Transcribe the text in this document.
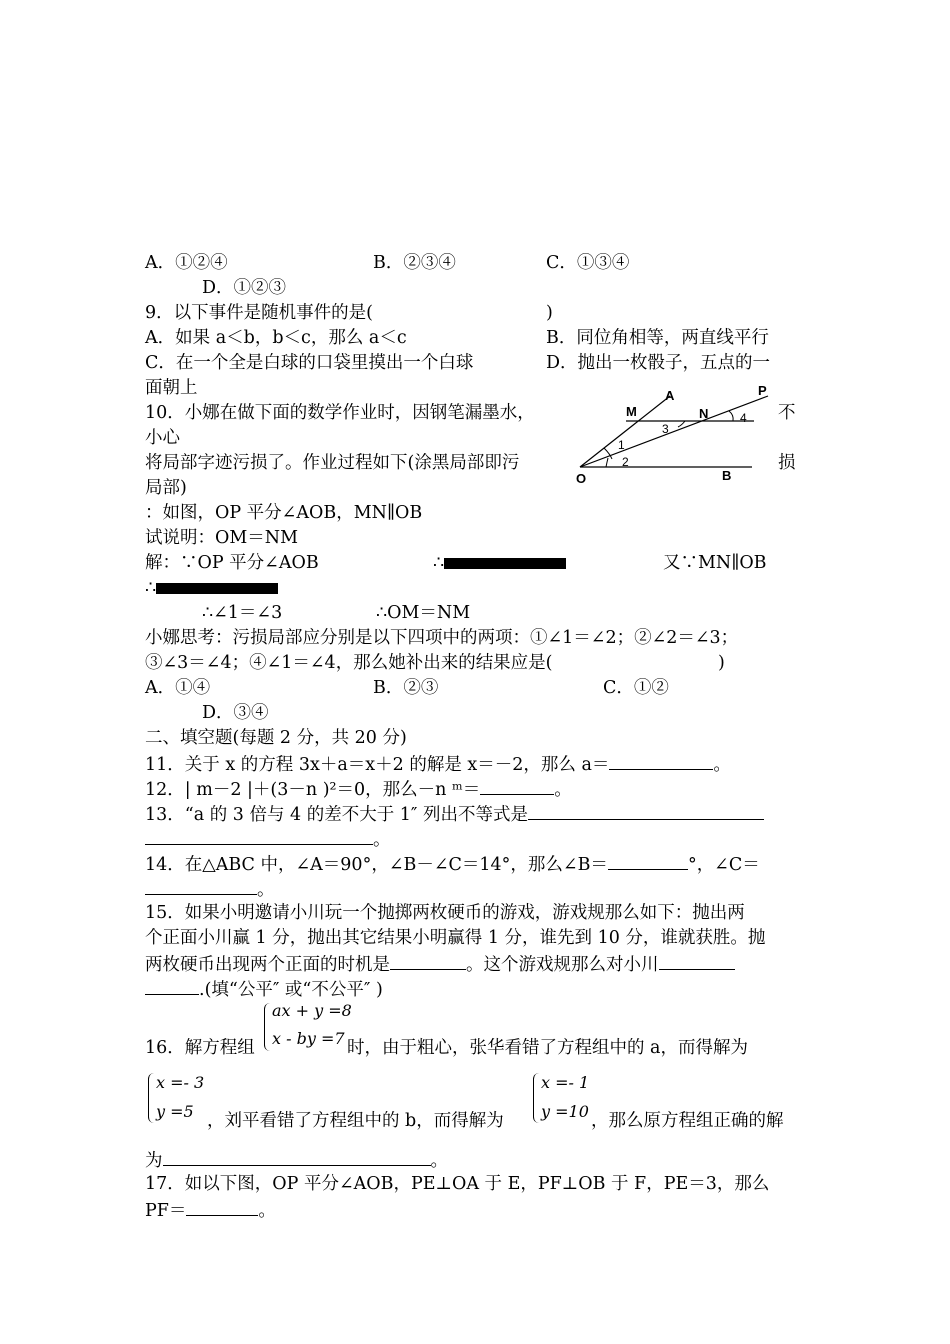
A．①②④	B．②③④	C．①③④
D．①②③
9．以下事件是随机事件的是(	)
A．如果 a＜b，b＜c，那么 a＜c	B．同位角相等，两直线平行
C．在一个全是白球的口袋里摸出一个白球	D．抛出一枚骰子，五点的一
面朝上
10．小娜在做下面的数学作业时，因钢笔漏墨水，	不
小心
将局部字迹污损了。作业过程如下(涂黑局部即污	损
局部)
：如图，OP 平分∠AOB，MN∥OB
试说明：OM＝NM
解：∵OP 平分∠AOB	∴	又∵MN∥OB
∴
∴∠1＝∠3	∴OM＝NM
小娜思考：污损局部应分别是以下四项中的两项：①∠1＝∠2；②∠2＝∠3；
③∠3＝∠4；④∠1＝∠4，那么她补出来的结果应是(	)
A．①④	B．②③	C．①②
D．③④
A	P
M	N
O	B
1
2
3
4
二、填空题(每题 2 分，共 20 分)
11．关于 x 的方程 3x＋a＝x＋2 的解是 x＝－2，那么 a＝	。
12．| m－2 |＋(3－n )²＝0，那么－n ᵐ＝	。
13．“a 的 3 倍与 4 的差不大于 1″ 列出不等式是
。
14．在△ABC 中，∠A＝90°，∠B－∠C＝14°，那么∠B＝	°，∠C＝
。
15．如果小明邀请小川玩一个抛掷两枚硬币的游戏，游戏规那么如下：抛出两
个正面小川赢 1 分，抛出其它结果小明赢得 1 分，谁先到 10 分，谁就获胜。抛
两枚硬币出现两个正面的时机是	。这个游戏规那么对小川
.(填“公平″ 或“不公平″ )
16．解方程组
ax + y =8
x - by =7 时，由于粗心，张华看错了方程组中的 a，而得解为
x =- 3
y =5 ，刘平看错了方程组中的 b，而得解为
x =- 1
y =10 ，那么原方程组正确的解
为	。
17．如以下图，OP 平分∠AOB，PE⊥OA 于 E，PF⊥OB 于 F，PE＝3，那么
PF＝	。
